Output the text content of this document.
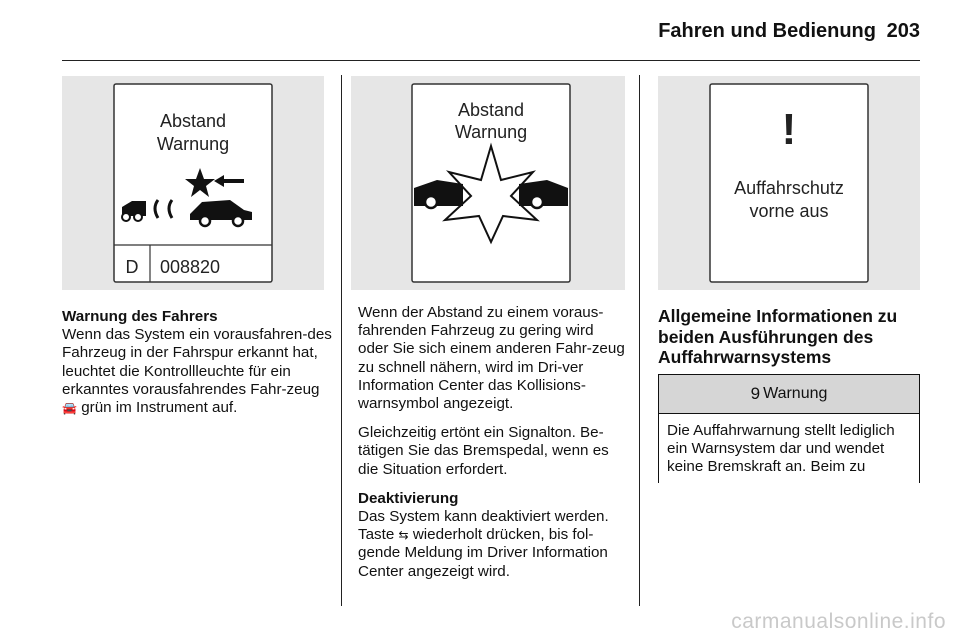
Fahren und Bedienung 203
Abstand
Warnung
D 008820
Abstand
Warnung	!
Auffahrschutz
vorne aus
Warnung des Fahrers
Wenn das System ein vorausfahren-des Fahrzeug in der Fahrspur erkannt hat, leuchtet die Kontrollleuchte für ein erkanntes vorausfahrendes Fahr-zeug 🚘 grün im Instrument auf.

Wenn der Abstand zu einem voraus-fahrenden Fahrzeug zu gering wird oder Sie sich einem anderen Fahr-zeug zu schnell nähern, wird im Dri-ver Information Center das Kollisions-warnsymbol angezeigt.

Gleichzeitig ertönt ein Signalton. Be-tätigen Sie das Bremspedal, wenn es die Situation erfordert.

Deaktivierung
Das System kann deaktiviert werden. Taste ⇆ wiederholt drücken, bis fol-gende Meldung im Driver Information Center angezeigt wird.
Allgemeine Informationen zu beiden Ausführungen des Auffahrwarnsystems
9 Warnung
Die Auffahrwarnung stellt lediglich ein Warnsystem dar und wendet keine Bremskraft an. Beim zu
carmanualsonline.info
